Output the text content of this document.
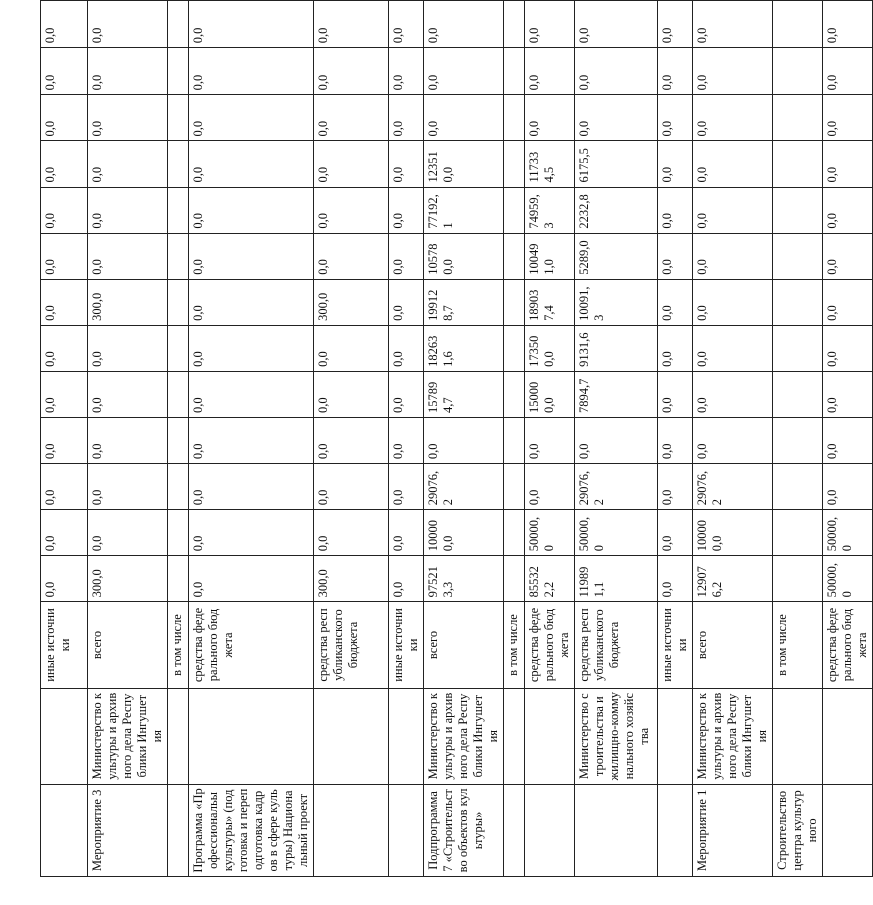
		иные источники	0,0	0,0	0,0	0,0	0,0	0,0	0,0	0,0	0,0	0,0	0,0	0,0	0,0
Мероприятие 3	Министерство культуры и архивного дела Республики Ингушетия	всего	300,0	0,0	0,0	0,0	0,0	0,0	300,0	0,0	0,0	0,0	0,0	0,0	0,0
		в том числе													
Программа «Профессиональы культуры» (подготовка и переподготовка кадров в сфере культуры) Национальный проект		средства федерального бюджета	0,0	0,0	0,0	0,0	0,0	0,0	0,0	0,0	0,0	0,0	0,0	0,0	0,0
		средства республиканского бюджета	300,0	0,0	0,0	0,0	0,0	0,0	300,0	0,0	0,0	0,0	0,0	0,0	0,0
		иные источники	0,0	0,0	0,0	0,0	0,0	0,0	0,0	0,0	0,0	0,0	0,0	0,0	0,0
Подпрограмма 7 «Строительство объектов культуры»	Министерство культуры и архивного дела Республики Ингушетия	всего	975213,3	100000,0	29076,2	0,0	15789 4,7	18263 1,6	19912 8,7	105780,0	77192,1	12351 0,0	0,0	0,0	0,0
		в том числе													
		средства федерального бюджета	855322,2	50000,0	0,0	0,0	15000 0,0	17350 0,0	18903 7,4	100491,0	74959,3	11733 4,5	0,0	0,0	0,0
	Министерство строительства и жилищно-коммунального хозяйства	средства республиканского бюджета	119891,1	50000,0	29076,2	0,0	7894,7	9131,6	10091,3	5289,0	2232,8	6175,5	0,0	0,0	0,0
		иные источники	0,0	0,0	0,0	0,0	0,0	0,0	0,0	0,0	0,0	0,0	0,0	0,0	0,0
Мероприятие 1	Министерство культуры и архивного дела Республики Ингушетия	всего	129076,2	100000,0	29076,2	0,0	0,0	0,0	0,0	0,0	0,0	0,0	0,0	0,0	0,0
Строительство центра культурного		в том числе													
		средства федерального бюджета	50000,0	50000,0	0,0	0,0	0,0	0,0	0,0	0,0	0,0	0,0	0,0	0,0	0,0
